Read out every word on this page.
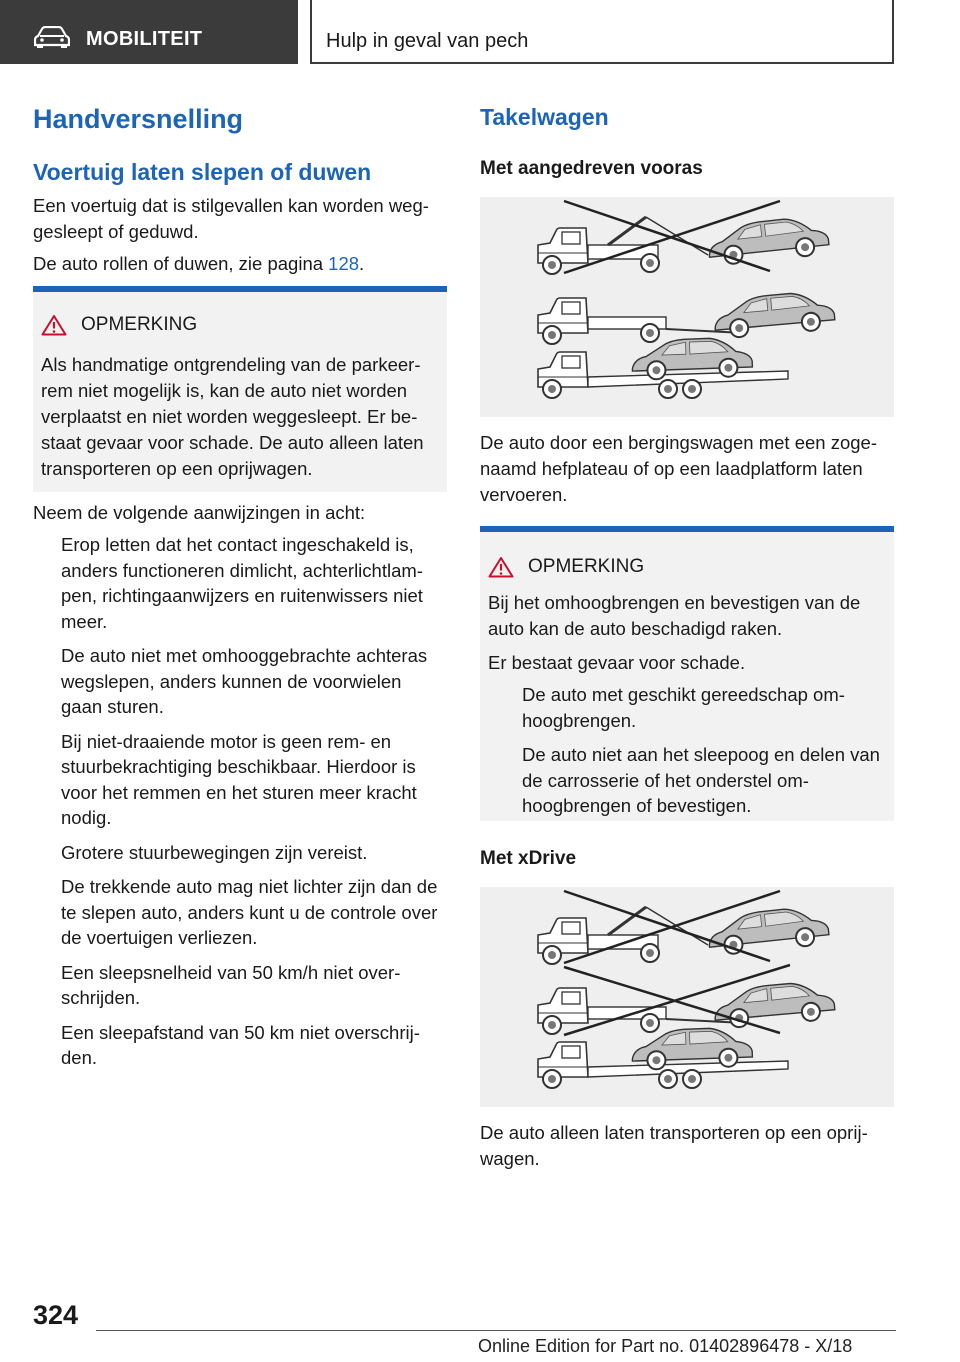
MOBILITEIT	Hulp in geval van pech
Handversnelling
Voertuig laten slepen of duwen

Een voertuig dat is stilgevallen kan worden weggesleept of geduwd.

De auto rollen of duwen, zie pagina 128.

OPMERKING

Als handmatige ontgrendeling van de parkeerrem niet mogelijk is, kan de auto niet worden verplaatst en niet worden weggesleept. Er bestaat gevaar voor schade. De auto alleen laten transporteren op een oprijwagen.

Neem de volgende aanwijzingen in acht:

Erop letten dat het contact ingeschakeld is, anders functioneren dimlicht, achterlichtlampen, richtingaanwijzers en ruitenwissers niet meer.
De auto niet met omhooggebrachte achteras wegslepen, anders kunnen de voorwielen gaan sturen.
Bij niet-draaiende motor is geen rem- en stuurbekrachtiging beschikbaar. Hierdoor is voor het remmen en het sturen meer kracht nodig.
Grotere stuurbewegingen zijn vereist.
De trekkende auto mag niet lichter zijn dan de te slepen auto, anders kunt u de controle over de voertuigen verliezen.
Een sleepsnelheid van 50 km/h niet overschrijden.
Een sleepafstand van 50 km niet overschrijden.
Takelwagen
Met aangedreven vooras

De auto door een bergingswagen met een zogenaamd hefplateau of op een laadplatform laten vervoeren.

OPMERKING

Bij het omhoogbrengen en bevestigen van de auto kan de auto beschadigd raken.

Er bestaat gevaar voor schade.

De auto met geschikt gereedschap omhoogbrengen.
De auto niet aan het sleepoog en delen van de carrosserie of het onderstel omhoogbrengen of bevestigen.
Met xDrive

De auto alleen laten transporteren op een oprijwagen.

324
Online Edition for Part no. 01402896478 - X/18
